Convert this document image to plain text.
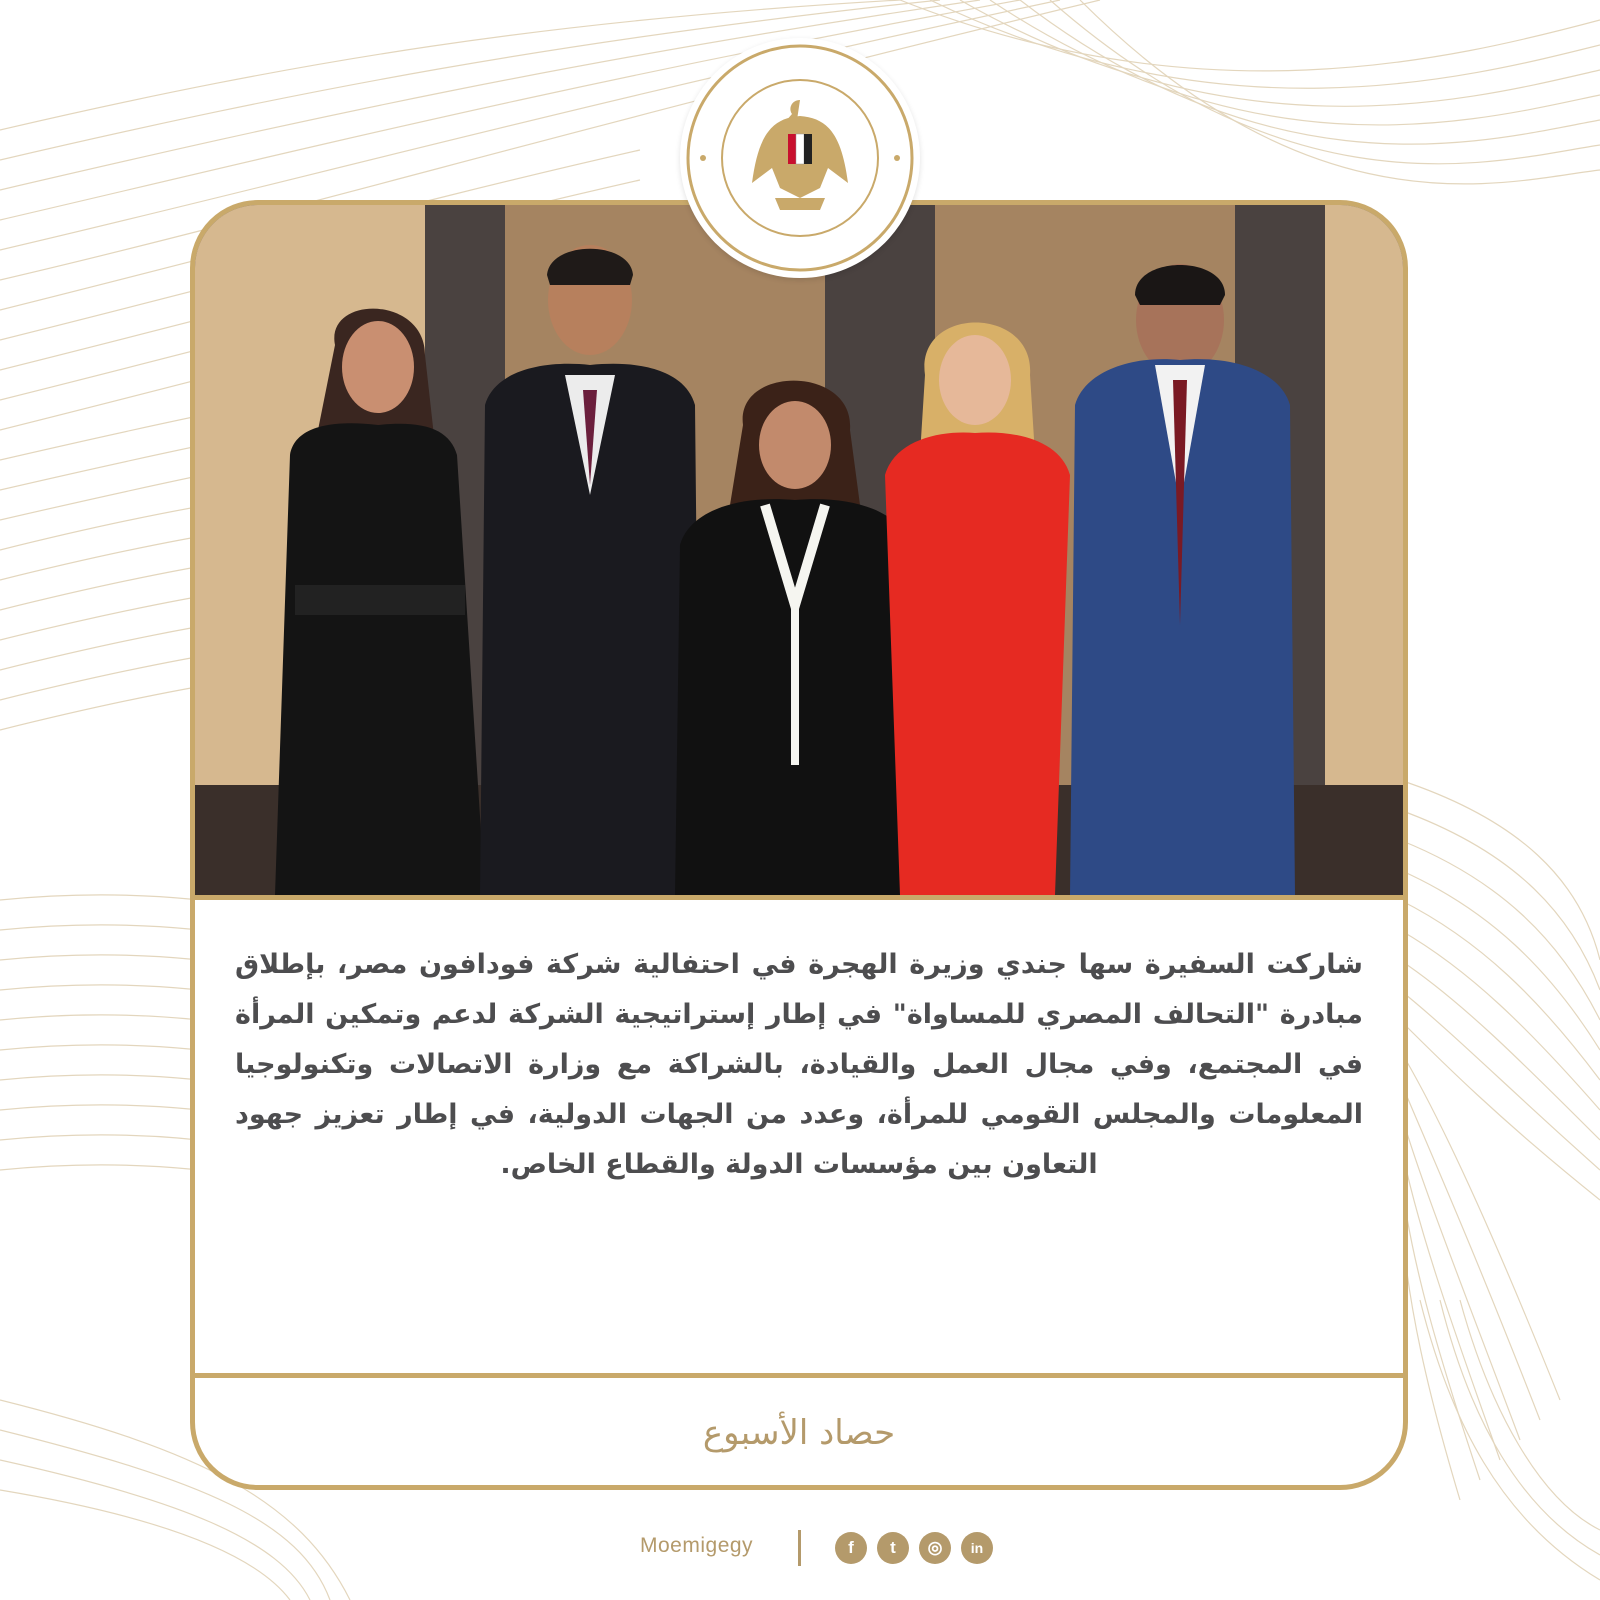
شاركت السفيرة سها جندي وزيرة الهجرة في احتفالية شركة فودافون مصر، بإطلاق مبادرة "التحالف المصري للمساواة" في إطار إستراتيجية الشركة لدعم وتمكين المرأة في المجتمع، وفي مجال العمل والقيادة، بالشراكة مع وزارة الاتصالات وتكنولوجيا المعلومات والمجلس القومي للمرأة، وعدد من الجهات الدولية، في إطار تعزيز جهود التعاون بين مؤسسات الدولة والقطاع الخاص.
حصاد الأسبوع
Moemigegy	f	t	◎	in
